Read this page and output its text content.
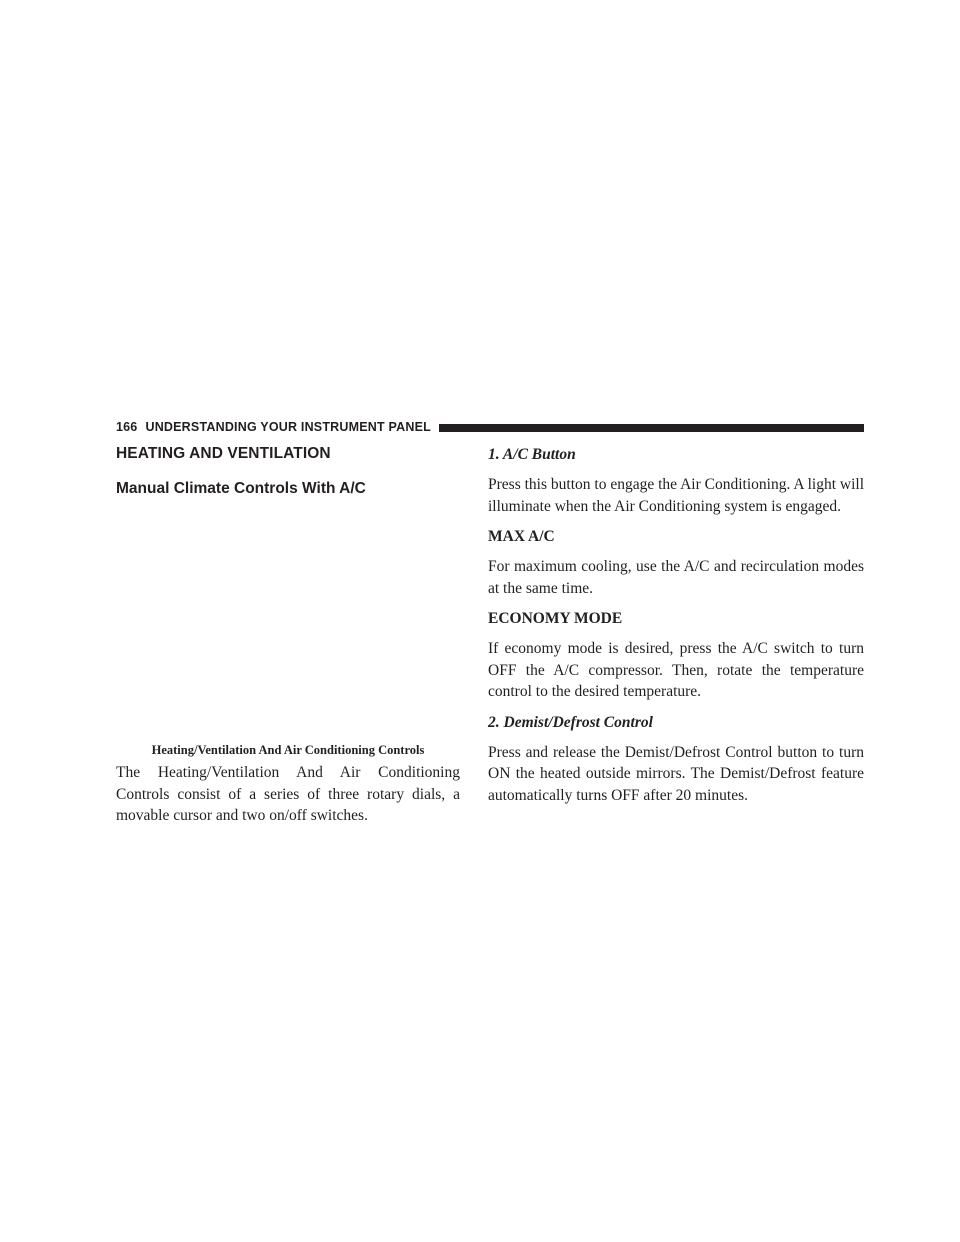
166 UNDERSTANDING YOUR INSTRUMENT PANEL
HEATING AND VENTILATION
Manual Climate Controls With A/C

Heating/Ventilation And Air Conditioning Controls

The Heating/Ventilation And Air Conditioning Controls consist of a series of three rotary dials, a movable cursor and two on/off switches.

1. A/C Button

Press this button to engage the Air Conditioning. A light will illuminate when the Air Conditioning system is engaged.

MAX A/C

For maximum cooling, use the A/C and recirculation modes at the same time.

ECONOMY MODE

If economy mode is desired, press the A/C switch to turn OFF the A/C compressor. Then, rotate the temperature control to the desired temperature.

2. Demist/Defrost Control

Press and release the Demist/Defrost Control button to turn ON the heated outside mirrors. The Demist/Defrost feature automatically turns OFF after 20 minutes.
